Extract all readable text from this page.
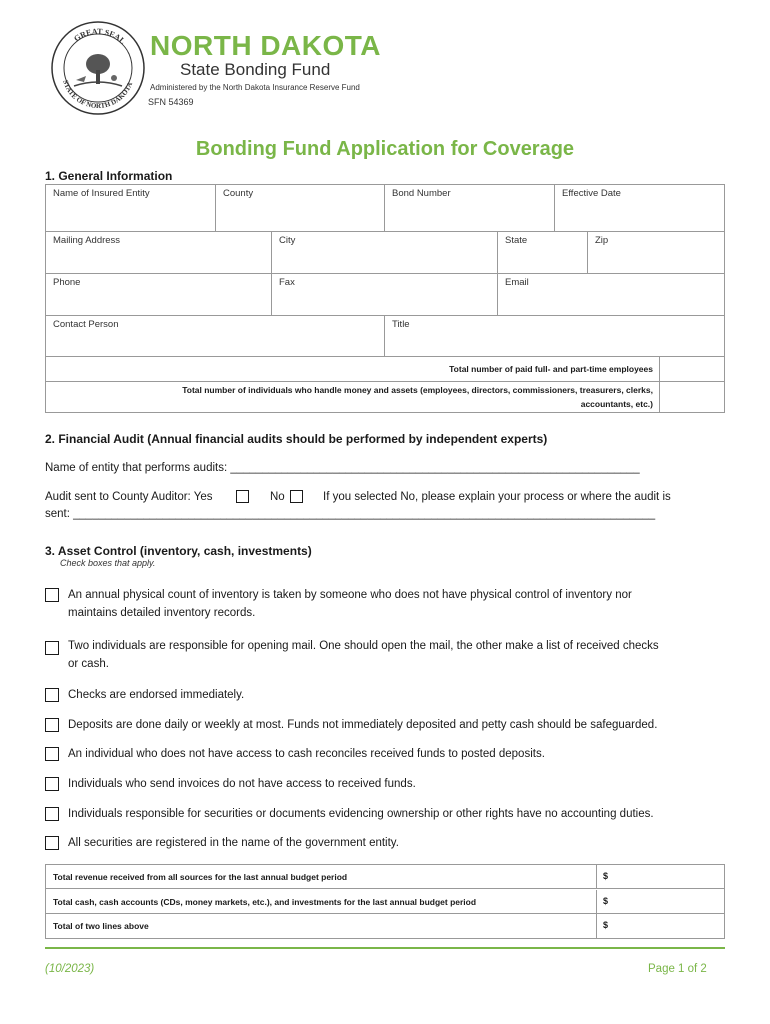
GREAT SEAL
STATE OF NORTH DAKOTA
NORTH DAKOTA
State Bonding Fund
Administered by the North Dakota Insurance Reserve Fund
SFN 54369
Bonding Fund Application for Coverage
1. General Information
Name of Insured Entity	County	Bond Number	Effective Date
Mailing Address	City	State	Zip
Phone	Fax	Email
Contact Person	Title
Total number of paid full- and part-time employees
Total number of individuals who handle money and assets (employees, directors, commissioners, treasurers, clerks,
accountants, etc.)
2. Financial Audit (Annual financial audits should be performed by independent experts)
Name of entity that performs audits: ________________________________________________________________
Audit sent to County Auditor: Yes	No	If you selected No, please explain your process or where the audit is
sent: ___________________________________________________________________________________________
3. Asset Control (inventory, cash, investments)
Check boxes that apply.
An annual physical count of inventory is taken by someone who does not have physical control of inventory nor
maintains detailed inventory records.
Two individuals are responsible for opening mail. One should open the mail, the other make a list of received checks
or cash.
Checks are endorsed immediately.
Deposits are done daily or weekly at most. Funds not immediately deposited and petty cash should be safeguarded.
An individual who does not have access to cash reconciles received funds to posted deposits.
Individuals who send invoices do not have access to received funds.
Individuals responsible for securities or documents evidencing ownership or other rights have no accounting duties.
All securities are registered in the name of the government entity.
Total revenue received from all sources for the last annual budget period	$
Total cash, cash accounts (CDs, money markets, etc.), and investments for the last annual budget period	$
Total of two lines above	$
(10/2023)	Page 1 of 2
